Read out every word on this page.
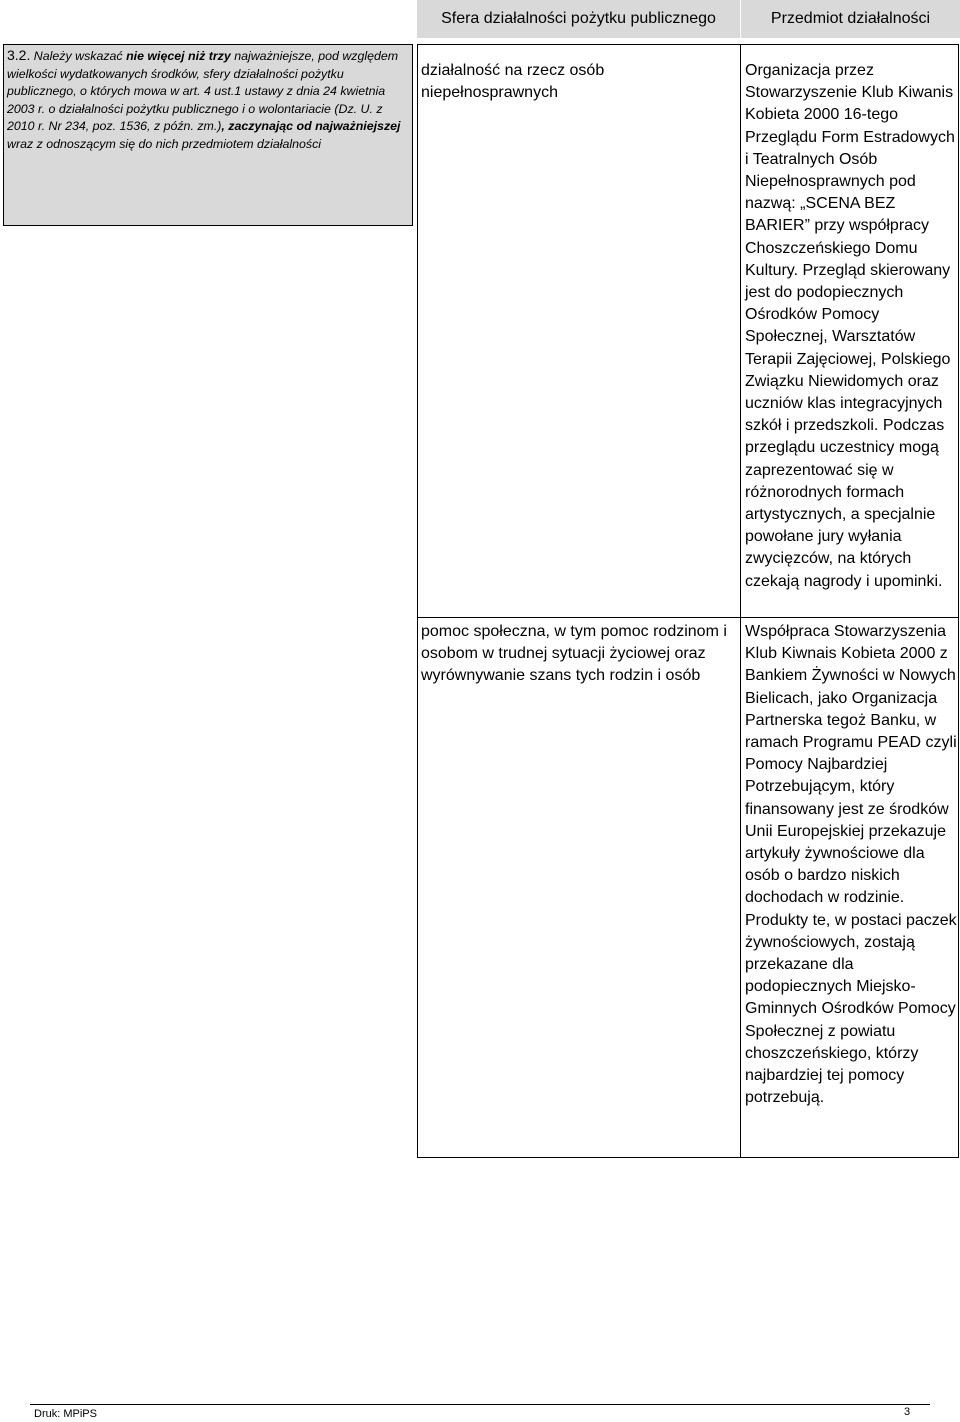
Sfera działalności pożytku publicznego	Przedmiot działalności
3.2. Należy wskazać nie więcej niż trzy najważniejsze, pod względem wielkości wydatkowanych środków, sfery działalności pożytku publicznego, o których mowa w art. 4 ust.1 ustawy z dnia 24 kwietnia 2003 r. o działalności pożytku publicznego i o wolontariacie (Dz. U. z 2010 r. Nr 234, poz. 1536, z późn. zm.), zaczynając od najważniejszej wraz z odnoszącym się do nich przedmiotem działalności
działalność na rzecz osób niepełnosprawnych
Organizacja przez Stowarzyszenie Klub Kiwanis Kobieta 2000 16-tego Przeglądu Form Estradowych i Teatralnych Osób Niepełnosprawnych pod nazwą: „SCENA BEZ BARIER” przy współpracy Choszczeńskiego Domu Kultury. Przegląd skierowany jest do podopiecznych Ośrodków Pomocy Społecznej, Warsztatów Terapii Zajęciowej, Polskiego Związku Niewidomych oraz uczniów klas integracyjnych szkół i przedszkoli. Podczas przeglądu uczestnicy mogą zaprezentować się w różnorodnych formach artystycznych, a specjalnie powołane jury wyłania zwycięzców, na których czekają nagrody i upominki.
pomoc społeczna, w tym pomoc rodzinom i osobom w trudnej sytuacji życiowej oraz wyrównywanie szans tych rodzin i osób
Współpraca Stowarzyszenia Klub Kiwnais Kobieta 2000 z Bankiem Żywności w Nowych Bielicach, jako Organizacja Partnerska tegoż Banku, w ramach Programu PEAD czyli Pomocy Najbardziej Potrzebującym, który finansowany jest ze środków Unii Europejskiej przekazuje artykuły żywnościowe dla osób o bardzo niskich dochodach w rodzinie. Produkty te, w postaci paczek żywnościowych, zostają przekazane dla podopiecznych Miejsko-Gminnych Ośrodków Pomocy Społecznej z powiatu choszczeńskiego, którzy najbardziej tej pomocy potrzebują.
Druk: MPiPS	3
